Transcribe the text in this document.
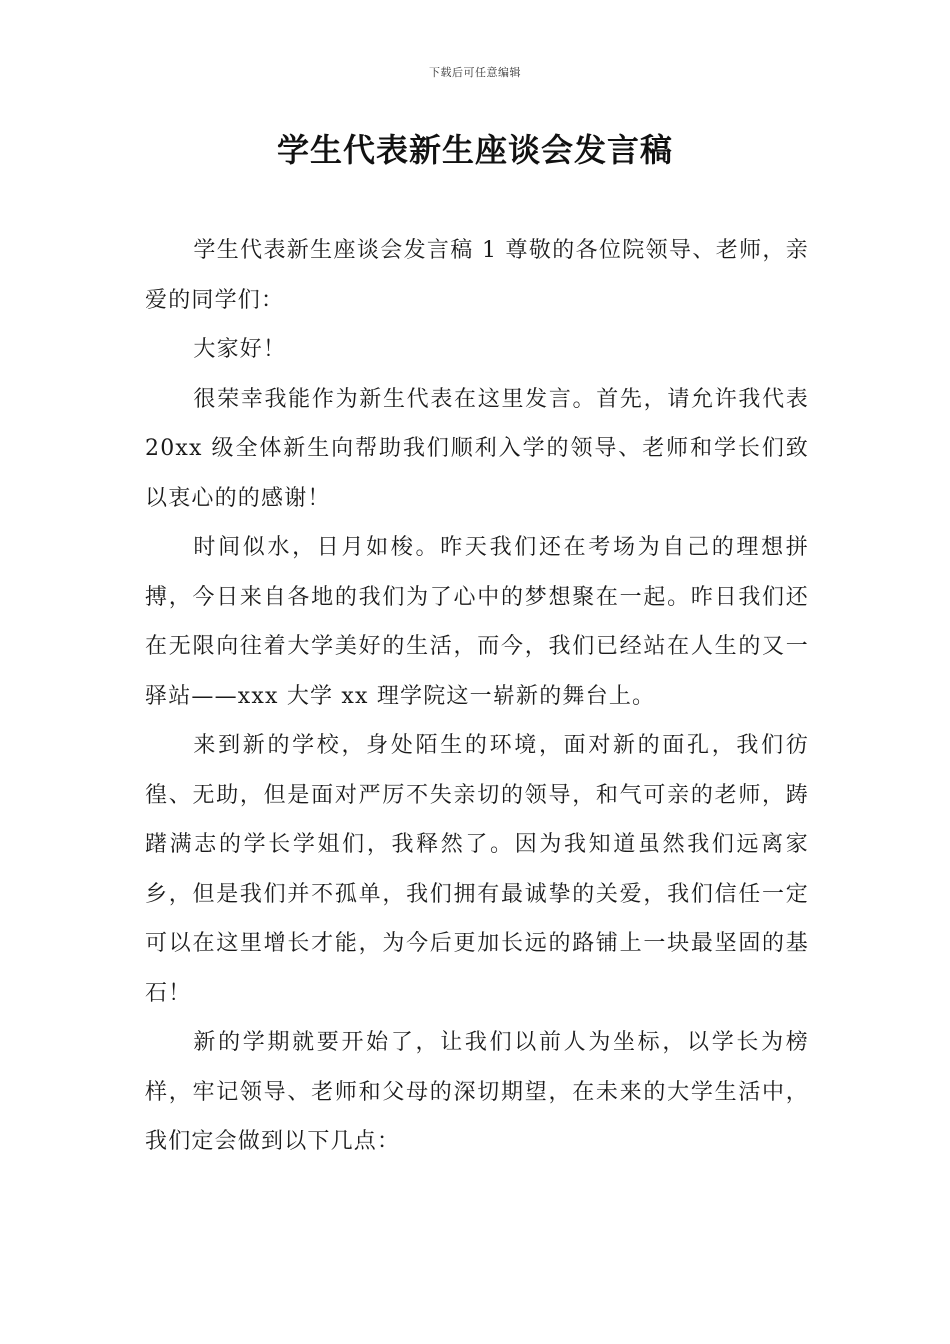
下载后可任意编辑
学生代表新生座谈会发言稿

学生代表新生座谈会发言稿 1 尊敬的各位院领导、老师，亲爱的同学们：

大家好！

很荣幸我能作为新生代表在这里发言。首先，请允许我代表 20xx 级全体新生向帮助我们顺利入学的领导、老师和学长们致以衷心的的感谢！

时间似水，日月如梭。昨天我们还在考场为自己的理想拼搏，今日来自各地的我们为了心中的梦想聚在一起。昨日我们还在无限向往着大学美好的生活，而今，我们已经站在人生的又一驿站——xxx 大学 xx 理学院这一崭新的舞台上。

来到新的学校，身处陌生的环境，面对新的面孔，我们彷徨、无助，但是面对严厉不失亲切的领导，和气可亲的老师，踌躇满志的学长学姐们，我释然了。因为我知道虽然我们远离家乡，但是我们并不孤单，我们拥有最诚挚的关爱，我们信任一定可以在这里增长才能，为今后更加长远的路铺上一块最坚固的基石！

新的学期就要开始了，让我们以前人为坐标，以学长为榜样，牢记领导、老师和父母的深切期望，在未来的大学生活中，我们定会做到以下几点：
